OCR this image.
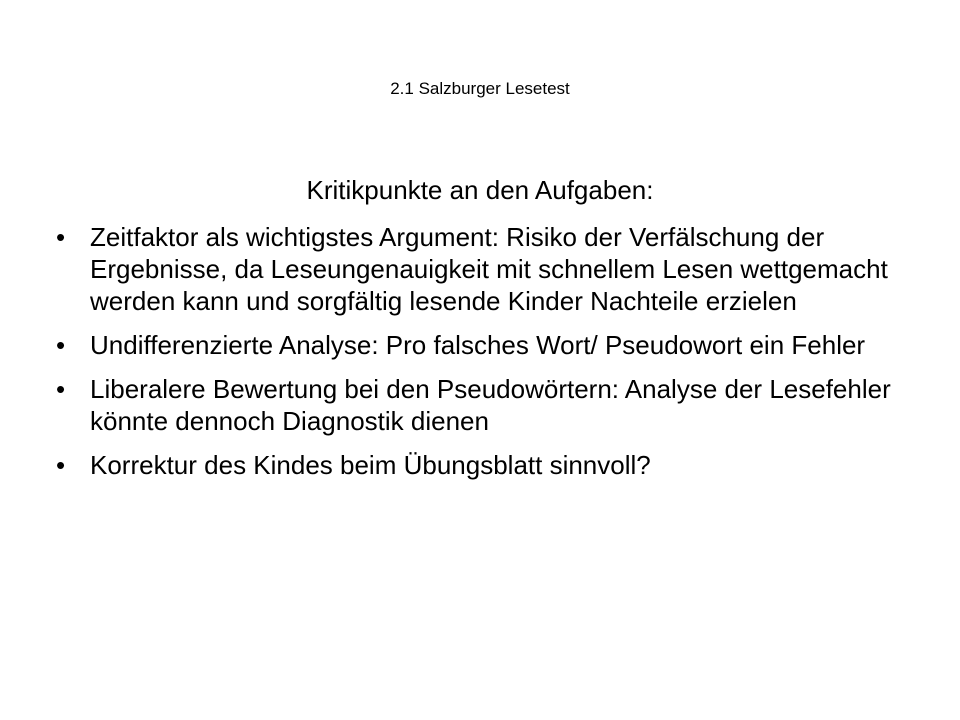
2.1 Salzburger Lesetest
Kritikpunkte an den Aufgaben:
• Zeitfaktor als wichtigstes Argument: Risiko der Verfälschung der Ergebnisse, da Leseungenauigkeit mit schnellem Lesen wettgemacht werden kann und sorgfältig lesende Kinder Nachteile erzielen
• Undifferenzierte Analyse: Pro falsches Wort/ Pseudowort ein Fehler
• Liberalere Bewertung bei den Pseudowörtern: Analyse der Lesefehler könnte dennoch Diagnostik dienen
• Korrektur des Kindes beim Übungsblatt sinnvoll?
